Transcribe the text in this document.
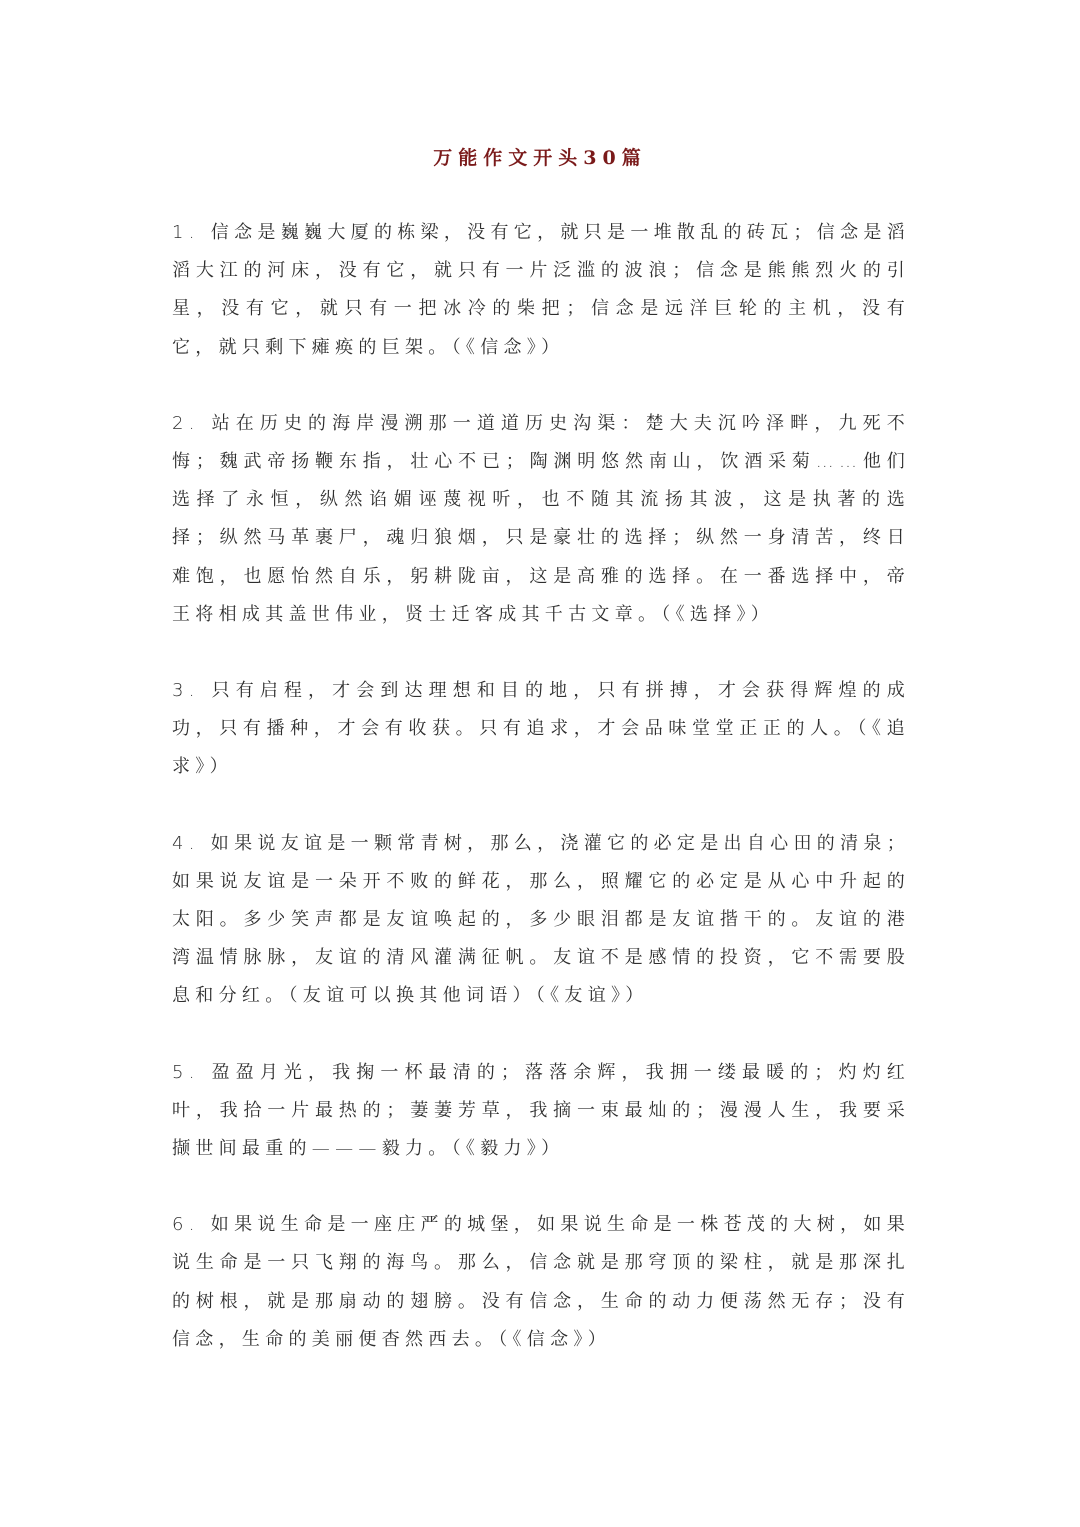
万能作文开头30篇

1. 信念是巍巍大厦的栋梁，没有它，就只是一堆散乱的砖瓦；信念是滔滔大江的河床，没有它，就只有一片泛滥的波浪；信念是熊熊烈火的引星，没有它，就只有一把冰冷的柴把；信念是远洋巨轮的主机，没有它，就只剩下瘫痪的巨架。（《信念》）

2. 站在历史的海岸漫溯那一道道历史沟渠：楚大夫沉吟泽畔，九死不悔；魏武帝扬鞭东指，壮心不已；陶渊明悠然南山，饮酒采菊……他们选择了永恒，纵然谄媚诬蔑视听，也不随其流扬其波，这是执著的选择；纵然马革裹尸，魂归狼烟，只是豪壮的选择；纵然一身清苦，终日难饱，也愿怡然自乐，躬耕陇亩，这是高雅的选择。在一番选择中，帝王将相成其盖世伟业，贤士迁客成其千古文章。（《选择》）

3. 只有启程，才会到达理想和目的地，只有拼搏，才会获得辉煌的成功，只有播种，才会有收获。只有追求，才会品味堂堂正正的人。（《追求》）

4. 如果说友谊是一颗常青树，那么，浇灌它的必定是出自心田的清泉；如果说友谊是一朵开不败的鲜花，那么，照耀它的必定是从心中升起的太阳。多少笑声都是友谊唤起的，多少眼泪都是友谊揩干的。友谊的港湾温情脉脉，友谊的清风灌满征帆。友谊不是感情的投资，它不需要股息和分红。（友谊可以换其他词语）（《友谊》）

5. 盈盈月光，我掬一杯最清的；落落余辉，我拥一缕最暖的；灼灼红叶，我拾一片最热的；萋萋芳草，我摘一束最灿的；漫漫人生，我要采撷世间最重的———毅力。（《毅力》）

6. 如果说生命是一座庄严的城堡，如果说生命是一株苍茂的大树，如果说生命是一只飞翔的海鸟。那么，信念就是那穹顶的梁柱，就是那深扎的树根，就是那扇动的翅膀。没有信念，生命的动力便荡然无存；没有信念，生命的美丽便杳然西去。（《信念》）
